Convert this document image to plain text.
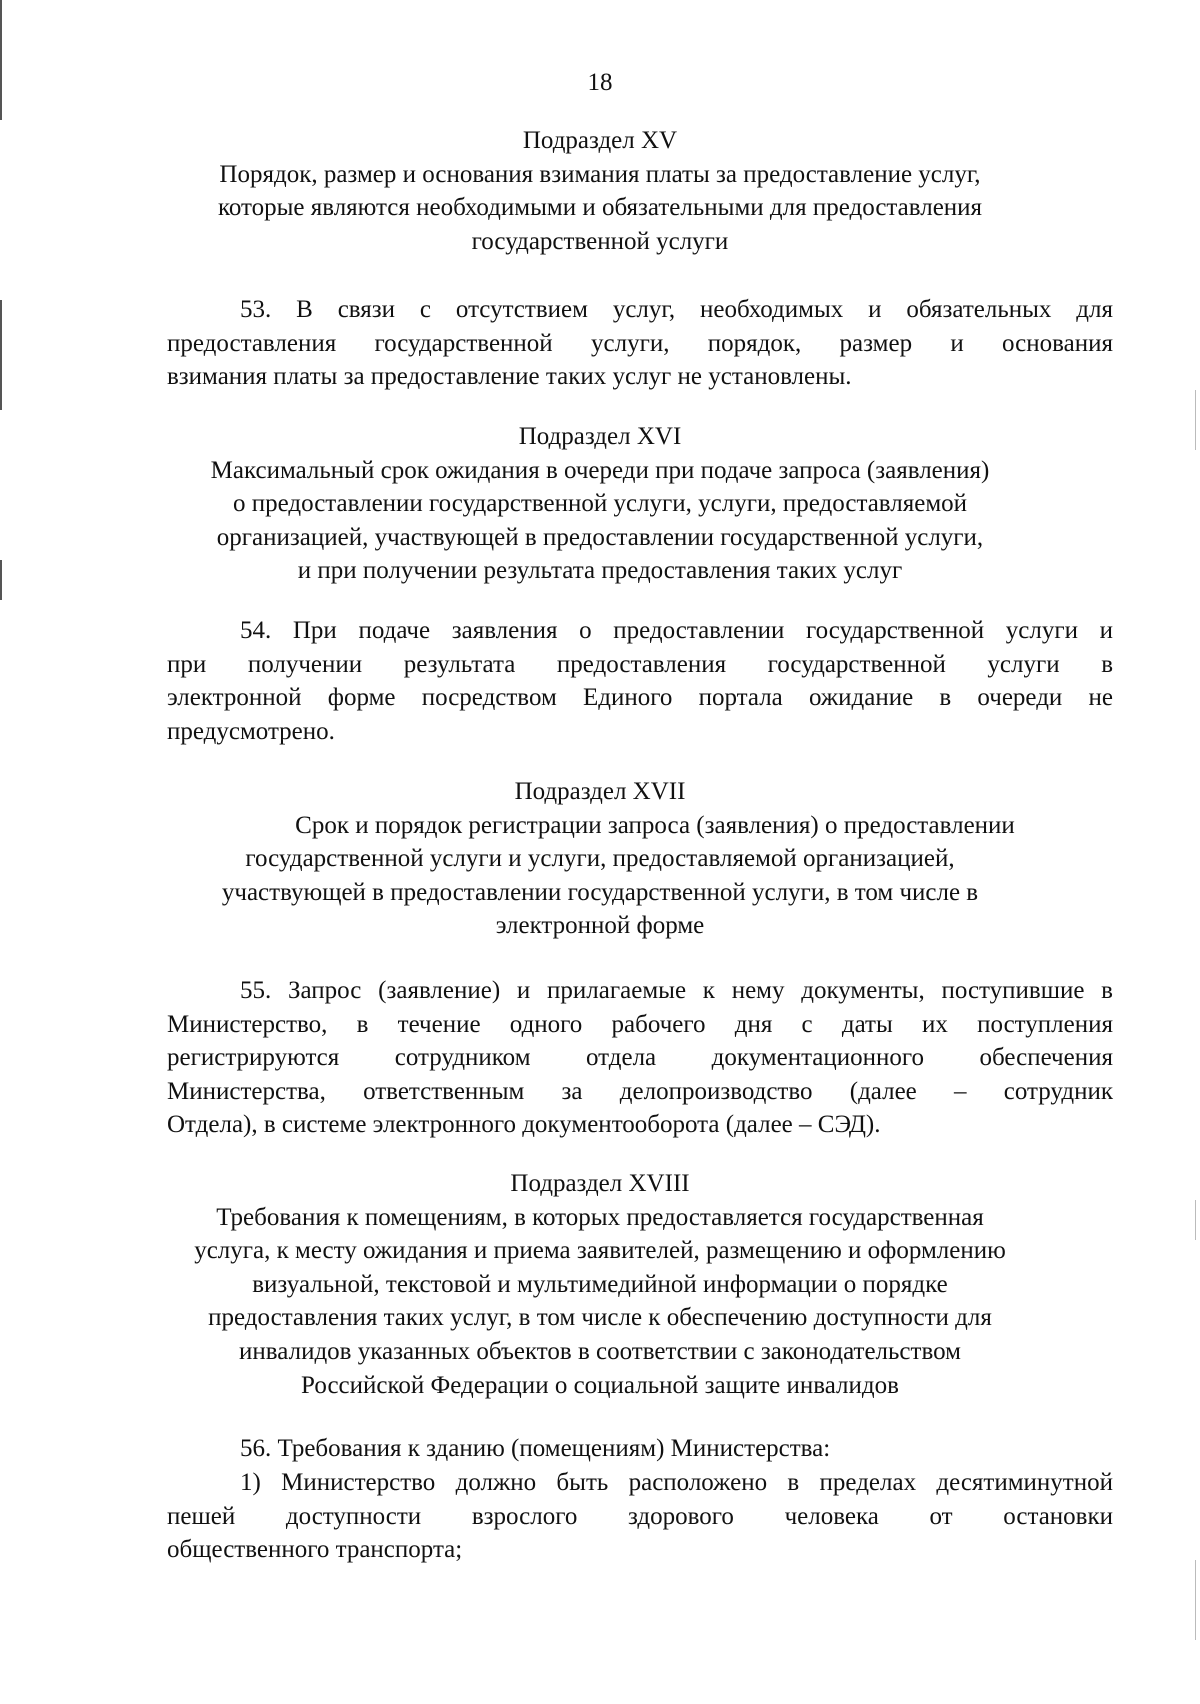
18
Подраздел XV
Порядок, размер и основания взимания платы за предоставление услуг,
которые являются необходимыми и обязательными для предоставления
государственной услуги
53. В связи с отсутствием услуг, необходимых и обязательных для
предоставления государственной услуги, порядок, размер и основания
взимания платы за предоставление таких услуг не установлены.
Подраздел XVI
Максимальный срок ожидания в очереди при подаче запроса (заявления)
о предоставлении государственной услуги, услуги, предоставляемой
организацией, участвующей в предоставлении государственной услуги,
и при получении результата предоставления таких услуг
54. При подаче заявления о предоставлении государственной услуги и
при получении результата предоставления государственной услуги в
электронной форме посредством Единого портала ожидание в очереди не
предусмотрено.
Подраздел XVII
Срок и порядок регистрации запроса (заявления) о предоставлении
государственной услуги и услуги, предоставляемой организацией,
участвующей в предоставлении государственной услуги, в том числе в
электронной форме
55. Запрос (заявление) и прилагаемые к нему документы, поступившие в
Министерство, в течение одного рабочего дня с даты их поступления
регистрируются сотрудником отдела документационного обеспечения
Министерства, ответственным за делопроизводство (далее – сотрудник
Отдела), в системе электронного документооборота (далее – СЭД).
Подраздел XVIII
Требования к помещениям, в которых предоставляется государственная
услуга, к месту ожидания и приема заявителей, размещению и оформлению
визуальной, текстовой и мультимедийной информации о порядке
предоставления таких услуг, в том числе к обеспечению доступности для
инвалидов указанных объектов в соответствии с законодательством
Российской Федерации о социальной защите инвалидов
56. Требования к зданию (помещениям) Министерства:
1) Министерство должно быть расположено в пределах десятиминутной
пешей доступности взрослого здорового человека от остановки
общественного транспорта;
